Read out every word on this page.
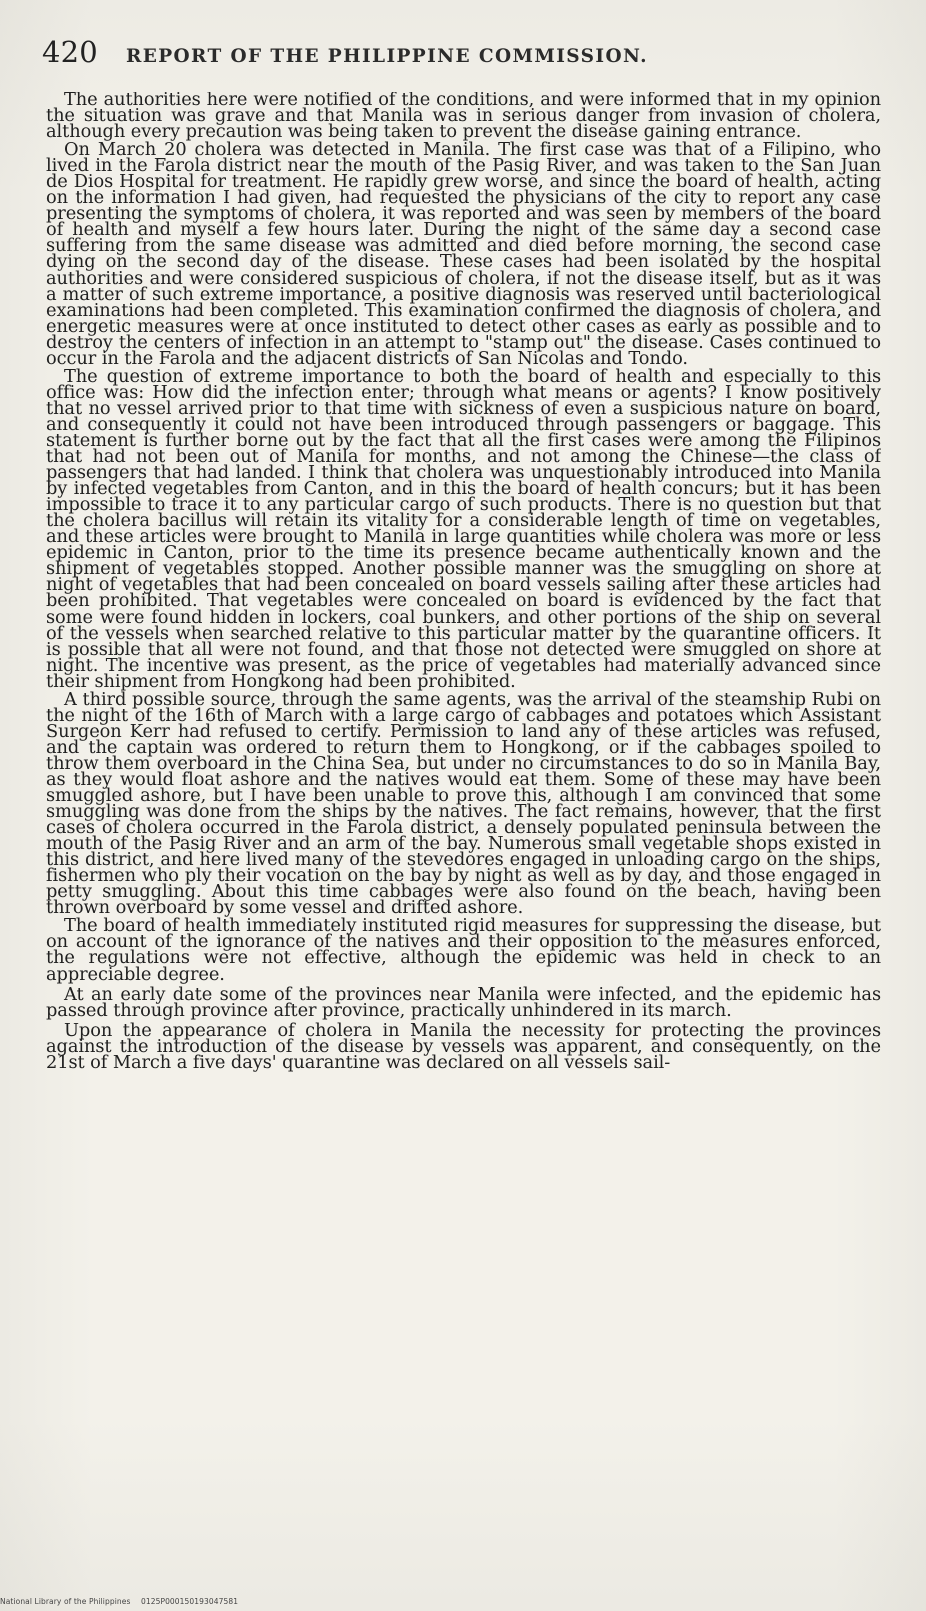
420 REPORT OF THE PHILIPPINE COMMISSION.

The authorities here were notified of the conditions, and were informed that in my opinion the situation was grave and that Manila was in serious danger from invasion of cholera, although every precaution was being taken to prevent the disease gaining entrance.

On March 20 cholera was detected in Manila. The first case was that of a Filipino, who lived in the Farola district near the mouth of the Pasig River, and was taken to the San Juan de Dios Hospital for treatment. He rapidly grew worse, and since the board of health, acting on the information I had given, had requested the physicians of the city to report any case presenting the symptoms of cholera, it was reported and was seen by members of the board of health and myself a few hours later. During the night of the same day a second case suffering from the same disease was admitted and died before morning, the second case dying on the second day of the disease. These cases had been isolated by the hospital authorities and were considered suspicious of cholera, if not the disease itself, but as it was a matter of such extreme importance, a positive diagnosis was reserved until bacteriological examinations had been completed. This examination confirmed the diagnosis of cholera, and energetic measures were at once instituted to detect other cases as early as possible and to destroy the centers of infection in an attempt to "stamp out" the disease. Cases continued to occur in the Farola and the adjacent districts of San Nicolas and Tondo.

The question of extreme importance to both the board of health and especially to this office was: How did the infection enter; through what means or agents? I know positively that no vessel arrived prior to that time with sickness of even a suspicious nature on board, and consequently it could not have been introduced through passengers or baggage. This statement is further borne out by the fact that all the first cases were among the Filipinos that had not been out of Manila for months, and not among the Chinese—the class of passengers that had landed. I think that cholera was unquestionably introduced into Manila by infected vegetables from Canton, and in this the board of health concurs; but it has been impossible to trace it to any particular cargo of such products. There is no question but that the cholera bacillus will retain its vitality for a considerable length of time on vegetables, and these articles were brought to Manila in large quantities while cholera was more or less epidemic in Canton, prior to the time its presence became authentically known and the shipment of vegetables stopped. Another possible manner was the smuggling on shore at night of vegetables that had been concealed on board vessels sailing after these articles had been prohibited. That vegetables were concealed on board is evidenced by the fact that some were found hidden in lockers, coal bunkers, and other portions of the ship on several of the vessels when searched relative to this particular matter by the quarantine officers. It is possible that all were not found, and that those not detected were smuggled on shore at night. The incentive was present, as the price of vegetables had materially advanced since their shipment from Hongkong had been prohibited.

A third possible source, through the same agents, was the arrival of the steamship Rubi on the night of the 16th of March with a large cargo of cabbages and potatoes which Assistant Surgeon Kerr had refused to certify. Permission to land any of these articles was refused, and the captain was ordered to return them to Hongkong, or if the cabbages spoiled to throw them overboard in the China Sea, but under no circumstances to do so in Manila Bay, as they would float ashore and the natives would eat them. Some of these may have been smuggled ashore, but I have been unable to prove this, although I am convinced that some smuggling was done from the ships by the natives. The fact remains, however, that the first cases of cholera occurred in the Farola district, a densely populated peninsula between the mouth of the Pasig River and an arm of the bay. Numerous small vegetable shops existed in this district, and here lived many of the stevedores engaged in unloading cargo on the ships, fishermen who ply their vocation on the bay by night as well as by day, and those engaged in petty smuggling. About this time cabbages were also found on the beach, having been thrown overboard by some vessel and drifted ashore.

The board of health immediately instituted rigid measures for suppressing the disease, but on account of the ignorance of the natives and their opposition to the measures enforced, the regulations were not effective, although the epidemic was held in check to an appreciable degree.

At an early date some of the provinces near Manila were infected, and the epidemic has passed through province after province, practically unhindered in its march.

Upon the appearance of cholera in Manila the necessity for protecting the provinces against the introduction of the disease by vessels was apparent, and consequently, on the 21st of March a five days' quarantine was declared on all vessels sail-

National Library of the Philippines 0125P000150193047581
